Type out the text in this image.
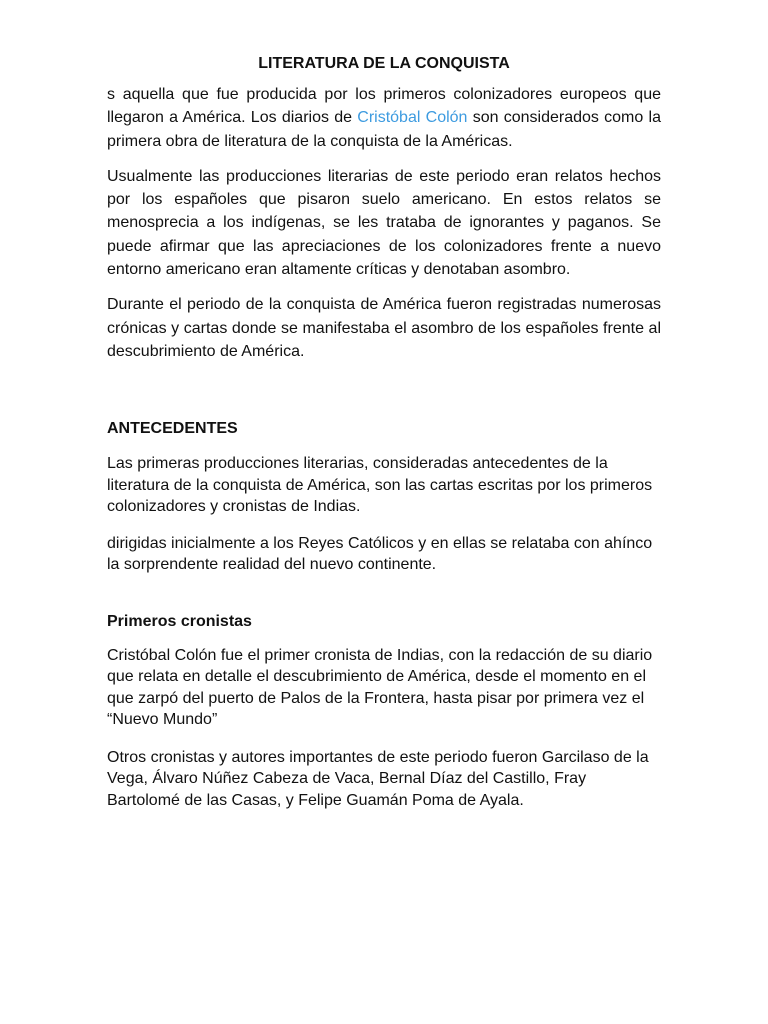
LITERATURA DE LA CONQUISTA

s aquella que fue producida por los primeros colonizadores europeos que llegaron a América. Los diarios de Cristóbal Colón son considerados como la primera obra de literatura de la conquista de la Américas.

Usualmente las producciones literarias de este periodo eran relatos hechos por los españoles que pisaron suelo americano. En estos relatos se menosprecia a los indígenas, se les trataba de ignorantes y paganos. Se puede afirmar que las apreciaciones de los colonizadores frente a nuevo entorno americano eran altamente críticas y denotaban asombro.

Durante el periodo de la conquista de América fueron registradas numerosas crónicas y cartas donde se manifestaba el asombro de los españoles frente al descubrimiento de América.

ANTECEDENTES

Las primeras producciones literarias, consideradas antecedentes de la literatura de la conquista de América, son las cartas escritas por los primeros colonizadores y cronistas de Indias.

dirigidas inicialmente a los Reyes Católicos y en ellas se relataba con ahínco la sorprendente realidad del nuevo continente.

Primeros cronistas

Cristóbal Colón fue el primer cronista de Indias, con la redacción de su diario que relata en detalle el descubrimiento de América, desde el momento en el que zarpó del puerto de Palos de la Frontera, hasta pisar por primera vez el “Nuevo Mundo”

Otros cronistas y autores importantes de este periodo fueron Garcilaso de la Vega, Álvaro Núñez Cabeza de Vaca, Bernal Díaz del Castillo, Fray Bartolomé de las Casas, y Felipe Guamán Poma de Ayala.
